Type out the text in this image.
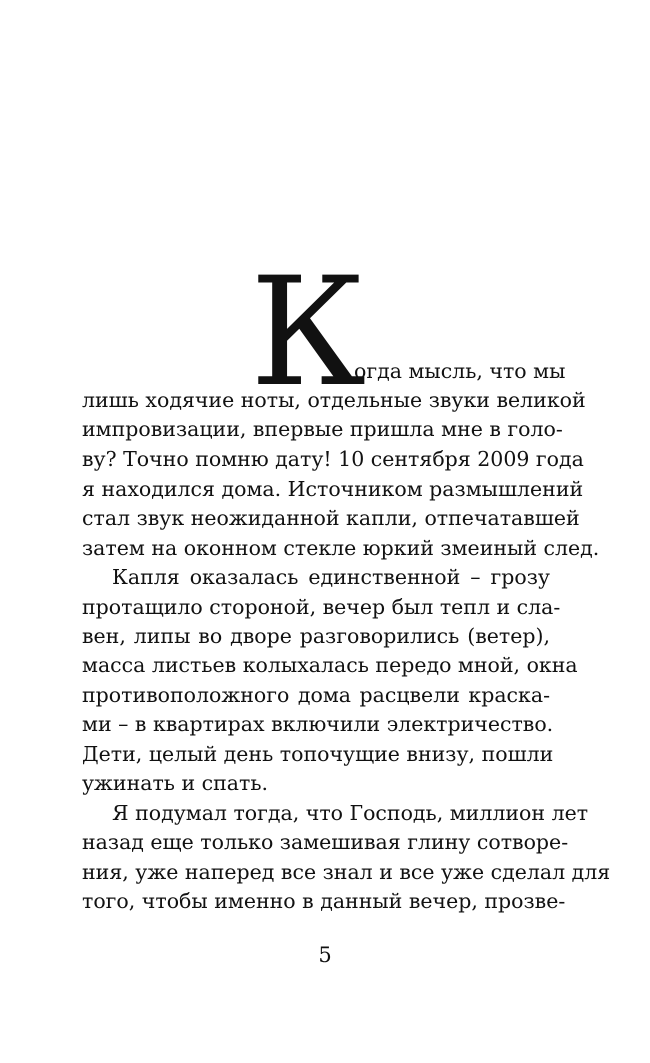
К
огда мысль, что мы
лишь ходячие ноты, отдельные звуки великой
импровизации, впервые пришла мне в голо-
ву? Точно помню дату! 10 сентября 2009 года
я находился дома. Источником размышлений
стал звук неожиданной капли, отпечатавшей
затем на оконном стекле юркий змеиный след.
Капля оказалась единственной – грозу
протащило стороной, вечер был тепл и сла-
вен, липы во дворе разговорились (ветер),
масса листьев колыхалась передо мной, окна
противоположного дома расцвели краска-
ми – в квартирах включили электричество.
Дети, целый день топочущие внизу, пошли
ужинать и спать.
Я подумал тогда, что Господь, миллион лет
назад еще только замешивая глину сотворе-
ния, уже наперед все знал и все уже сделал для
того, чтобы именно в данный вечер, прозве-
5
